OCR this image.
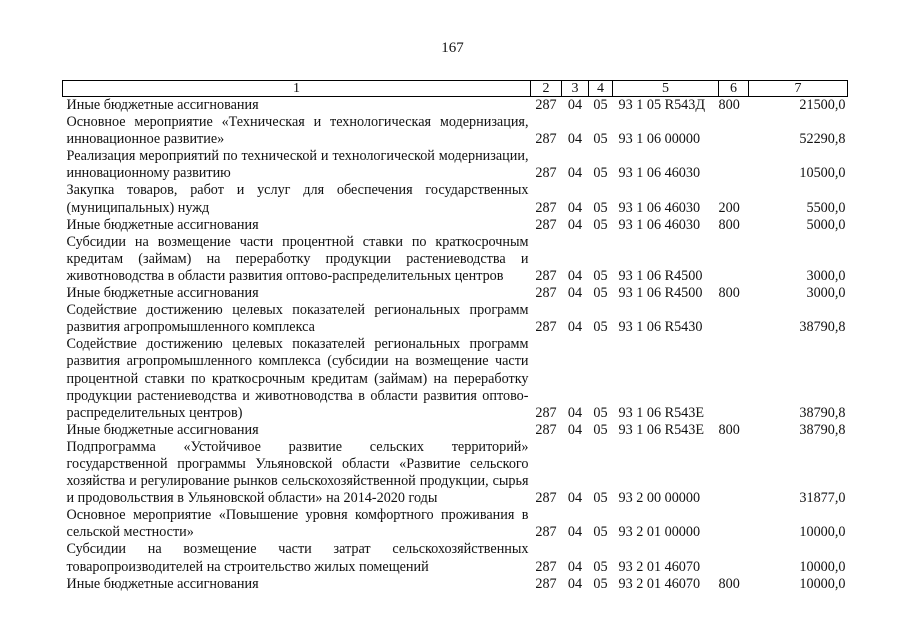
167
1	2	3	4	5	6	7
Иные бюджетные ассигнования	287	04	05	93 1 05 R543Д	800	21500,0
Основное мероприятие «Техническая и технологическая модернизация, инновационное развитие»	287	04	05	93 1 06 00000		52290,8
Реализация мероприятий по технической и технологической модернизации, инновационному развитию	287	04	05	93 1 06 46030		10500,0
Закупка товаров, работ и услуг для обеспечения государственных (муниципальных) нужд	287	04	05	93 1 06 46030	200	5500,0
Иные бюджетные ассигнования	287	04	05	93 1 06 46030	800	5000,0
Субсидии на возмещение части процентной ставки по краткосрочным кредитам (займам) на переработку продукции растениеводства и животноводства в области развития оптово-распределительных центров	287	04	05	93 1 06 R4500		3000,0
Иные бюджетные ассигнования	287	04	05	93 1 06 R4500	800	3000,0
Содействие достижению целевых показателей региональных программ развития агропромышленного комплекса	287	04	05	93 1 06 R5430		38790,8
Содействие достижению целевых показателей региональных программ развития агропромышленного комплекса (субсидии на возмещение части процентной ставки по краткосрочным кредитам (займам) на переработку продукции растениеводства и животноводства в области развития оптово-распределительных центров)	287	04	05	93 1 06 R543E		38790,8
Иные бюджетные ассигнования	287	04	05	93 1 06 R543E	800	38790,8
Подпрограмма «Устойчивое развитие сельских территорий» государственной программы Ульяновской области «Развитие сельского хозяйства и регулирование рынков сельскохозяйственной продукции, сырья и продовольствия в Ульяновской области» на 2014-2020 годы	287	04	05	93 2 00 00000		31877,0
Основное мероприятие «Повышение уровня комфортного проживания в сельской местности»	287	04	05	93 2 01 00000		10000,0
Субсидии на возмещение части затрат сельскохозяйственных товаропроизводителей на строительство жилых помещений	287	04	05	93 2 01 46070		10000,0
Иные бюджетные ассигнования	287	04	05	93 2 01 46070	800	10000,0
